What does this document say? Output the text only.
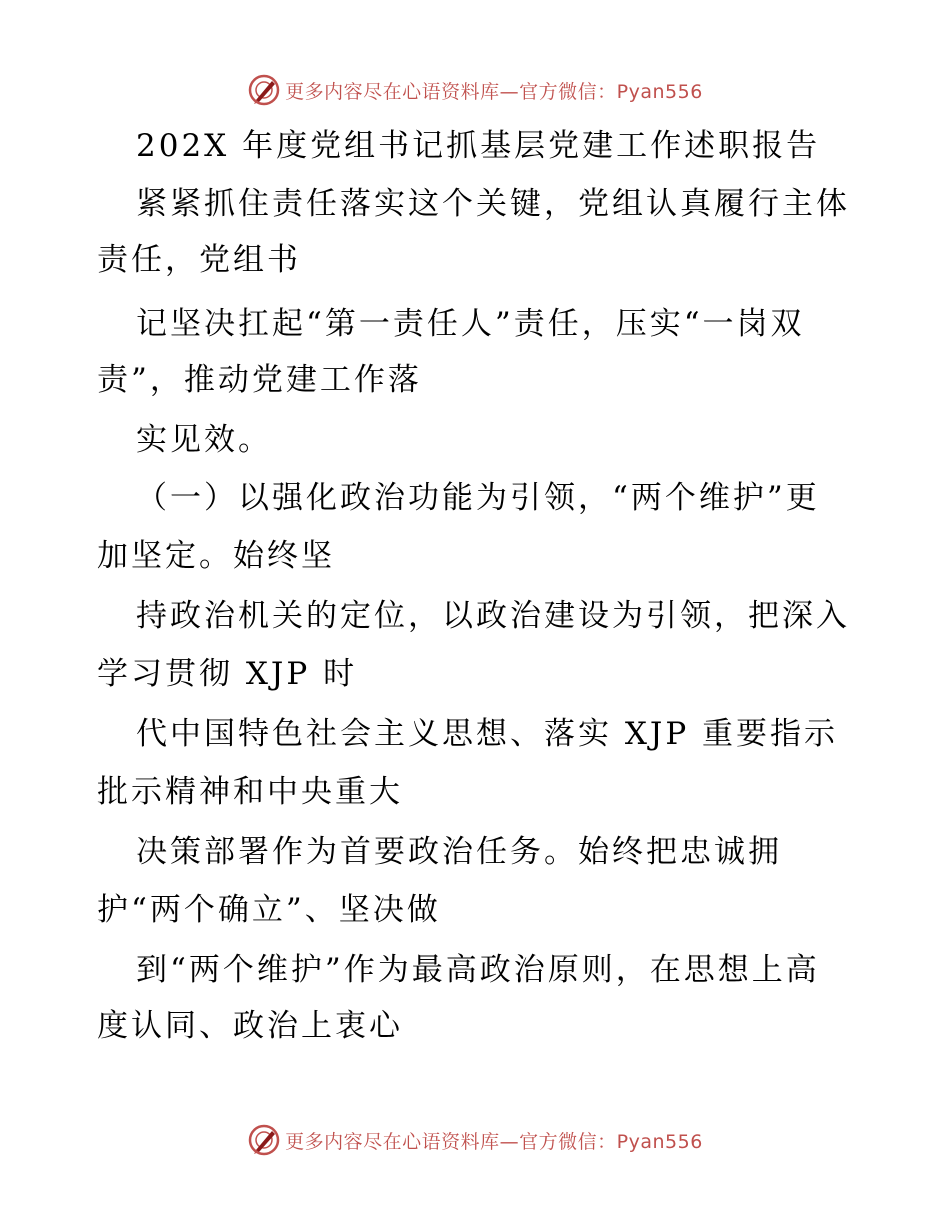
更多内容尽在心语资料库—官方微信：Pyan556
202X 年度党组书记抓基层党建工作述职报告
紧紧抓住责任落实这个关键，党组认真履行主体
责任，党组书
记坚决扛起“第一责任人”责任，压实“一岗双
责”，推动党建工作落
实见效。
（一）以强化政治功能为引领，“两个维护”更
加坚定。始终坚
持政治机关的定位，以政治建设为引领，把深入
学习贯彻 XJP 时
代中国特色社会主义思想、落实 XJP 重要指示
批示精神和中央重大
决策部署作为首要政治任务。始终把忠诚拥
护“两个确立”、坚决做
到“两个维护”作为最高政治原则，在思想上高
度认同、政治上衷心
更多内容尽在心语资料库—官方微信：Pyan556
